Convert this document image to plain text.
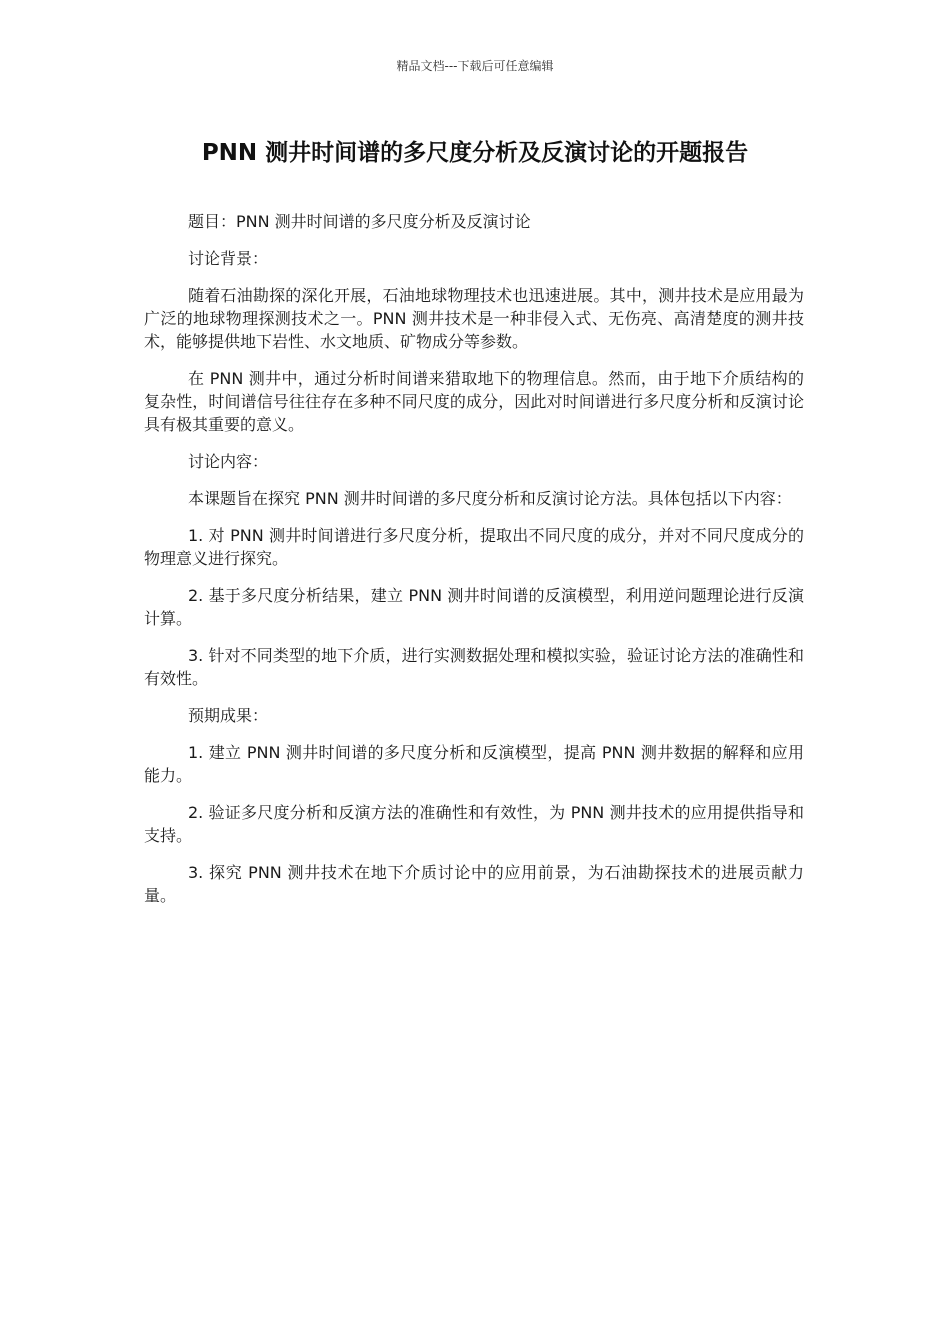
精品文档---下载后可任意编辑
PNN 测井时间谱的多尺度分析及反演讨论的开题报告

题目：PNN 测井时间谱的多尺度分析及反演讨论

讨论背景：

随着石油勘探的深化开展，石油地球物理技术也迅速进展。其中，测井技术是应用最为广泛的地球物理探测技术之一。PNN 测井技术是一种非侵入式、无伤亮、高清楚度的测井技术，能够提供地下岩性、水文地质、矿物成分等参数。

在 PNN 测井中，通过分析时间谱来猎取地下的物理信息。然而，由于地下介质结构的复杂性，时间谱信号往往存在多种不同尺度的成分，因此对时间谱进行多尺度分析和反演讨论具有极其重要的意义。

讨论内容：

本课题旨在探究 PNN 测井时间谱的多尺度分析和反演讨论方法。具体包括以下内容：

1. 对 PNN 测井时间谱进行多尺度分析，提取出不同尺度的成分，并对不同尺度成分的物理意义进行探究。

2. 基于多尺度分析结果，建立 PNN 测井时间谱的反演模型，利用逆问题理论进行反演计算。

3. 针对不同类型的地下介质，进行实测数据处理和模拟实验，验证讨论方法的准确性和有效性。

预期成果：

1. 建立 PNN 测井时间谱的多尺度分析和反演模型，提高 PNN 测井数据的解释和应用能力。

2. 验证多尺度分析和反演方法的准确性和有效性，为 PNN 测井技术的应用提供指导和支持。

3. 探究 PNN 测井技术在地下介质讨论中的应用前景，为石油勘探技术的进展贡献力量。
